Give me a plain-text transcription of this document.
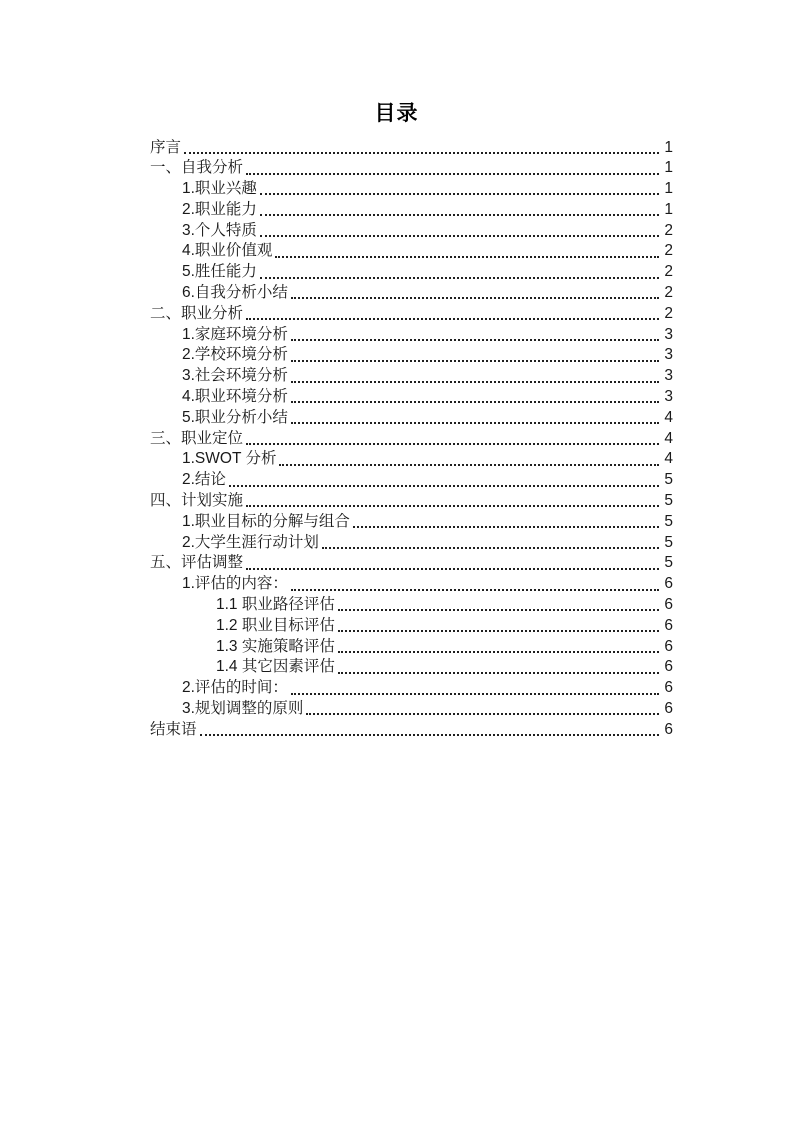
目录
序言	1
一、自我分析	1
1.职业兴趣	1
2.职业能力	1
3.个人特质	2
4.职业价值观	2
5.胜任能力	2
6.自我分析小结	2
二、职业分析	2
1.家庭环境分析	3
2.学校环境分析	3
3.社会环境分析	3
4.职业环境分析	3
5.职业分析小结	4
三、职业定位	4
1.SWOT 分析	4
2.结论	5
四、计划实施	5
1.职业目标的分解与组合	5
2.大学生涯行动计划	5
五、评估调整	5
1.评估的内容：	6
1.1 职业路径评估	6
1.2 职业目标评估	6
1.3 实施策略评估	6
1.4 其它因素评估	6
2.评估的时间：	6
3.规划调整的原则	6
结束语	6
